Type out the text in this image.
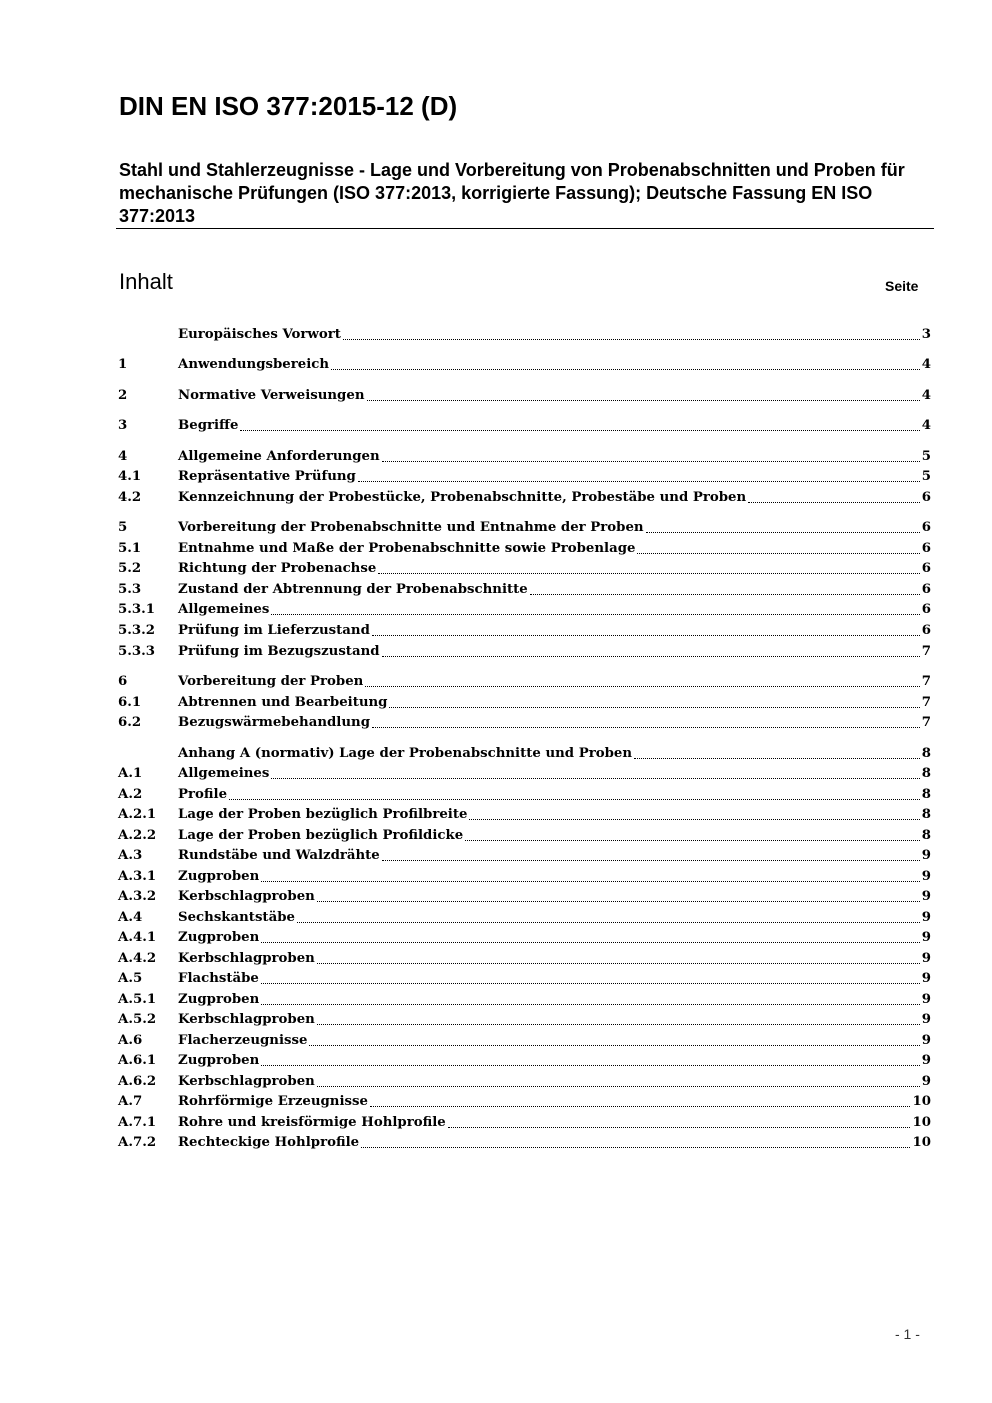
DIN EN ISO 377:2015-12 (D)

Stahl und Stahlerzeugnisse - Lage und Vorbereitung von Probenabschnitten und Proben für mechanische Prüfungen (ISO 377:2013, korrigierte Fassung); Deutsche Fassung EN ISO 377:2013

Inhalt	Seite
Europäisches Vorwort	3
1	Anwendungsbereich	4
2	Normative Verweisungen	4
3	Begriffe	4
4	Allgemeine Anforderungen	5
4.1	Repräsentative Prüfung	5
4.2	Kennzeichnung der Probestücke, Probenabschnitte, Probestäbe und Proben	6
5	Vorbereitung der Probenabschnitte und Entnahme der Proben	6
5.1	Entnahme und Maße der Probenabschnitte sowie Probenlage	6
5.2	Richtung der Probenachse	6
5.3	Zustand der Abtrennung der Probenabschnitte	6
5.3.1	Allgemeines	6
5.3.2	Prüfung im Lieferzustand	6
5.3.3	Prüfung im Bezugszustand	7
6	Vorbereitung der Proben	7
6.1	Abtrennen und Bearbeitung	7
6.2	Bezugswärmebehandlung	7
Anhang A (normativ) Lage der Probenabschnitte und Proben	8
A.1	Allgemeines	8
A.2	Profile	8
A.2.1	Lage der Proben bezüglich Profilbreite	8
A.2.2	Lage der Proben bezüglich Profildicke	8
A.3	Rundstäbe und Walzdrähte	9
A.3.1	Zugproben	9
A.3.2	Kerbschlagproben	9
A.4	Sechskantstäbe	9
A.4.1	Zugproben	9
A.4.2	Kerbschlagproben	9
A.5	Flachstäbe	9
A.5.1	Zugproben	9
A.5.2	Kerbschlagproben	9
A.6	Flacherzeugnisse	9
A.6.1	Zugproben	9
A.6.2	Kerbschlagproben	9
A.7	Rohrförmige Erzeugnisse	10
A.7.1	Rohre und kreisförmige Hohlprofile	10
A.7.2	Rechteckige Hohlprofile	10
- 1 -
